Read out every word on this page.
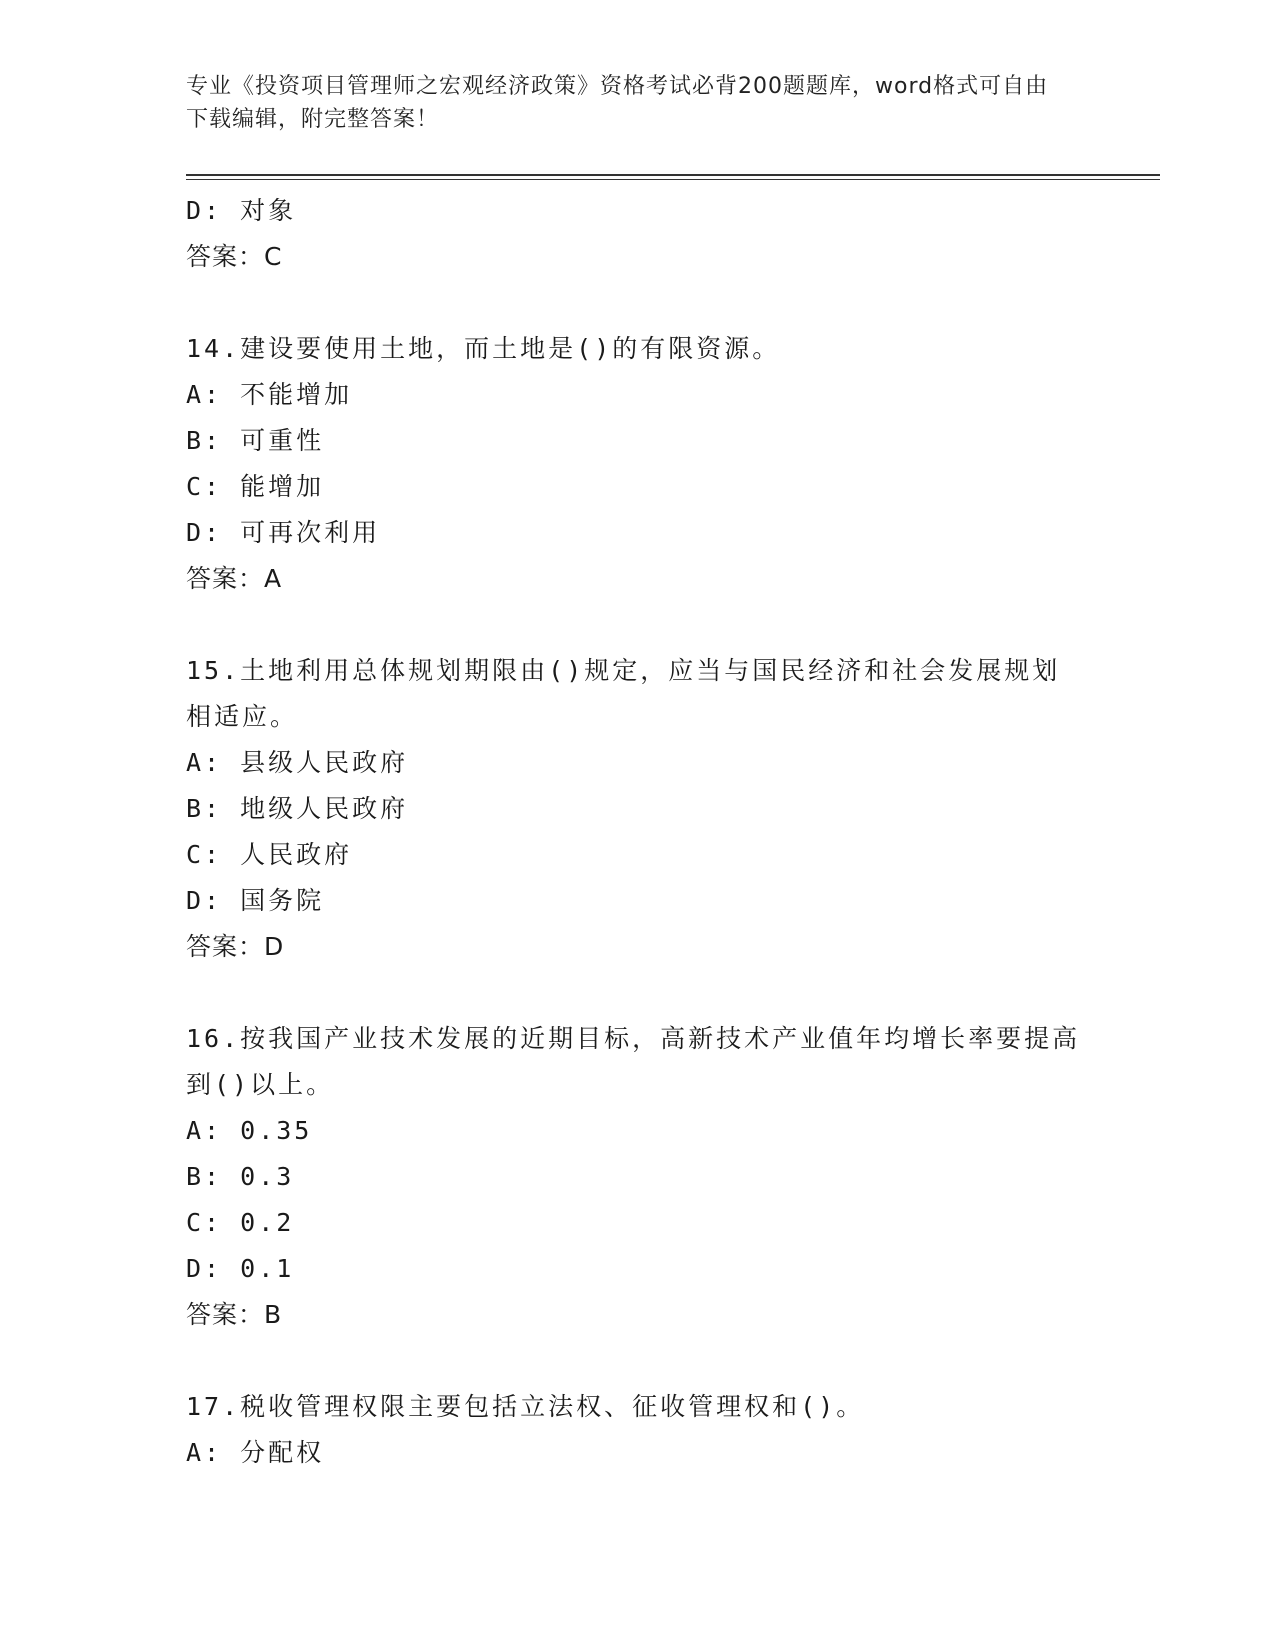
专业《投资项目管理师之宏观经济政策》资格考试必背200题题库，word格式可自由下载编辑，附完整答案！
D: 对象
答案：C
14.建设要使用土地，而土地是()的有限资源。
A: 不能增加
B: 可重性
C: 能增加
D: 可再次利用
答案：A
15.土地利用总体规划期限由()规定，应当与国民经济和社会发展规划相适应。
A: 县级人民政府
B: 地级人民政府
C: 人民政府
D: 国务院
答案：D
16.按我国产业技术发展的近期目标，高新技术产业值年均增长率要提高到()以上。
A: 0.35
B: 0.3
C: 0.2
D: 0.1
答案：B
17.税收管理权限主要包括立法权、征收管理权和()。
A: 分配权
